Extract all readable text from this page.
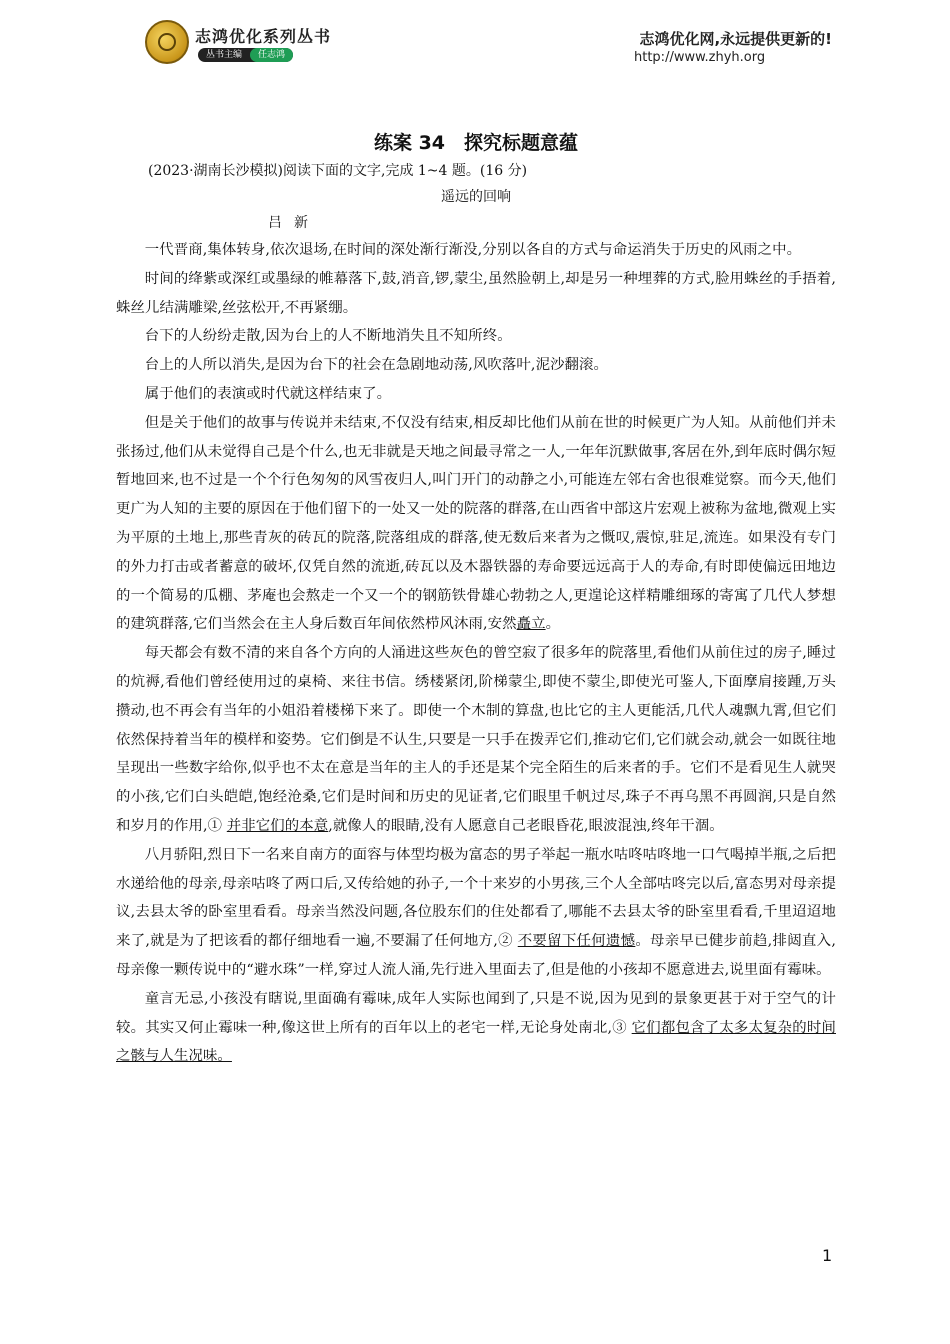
志鸿优化系列丛书
丛书主编	任志鸿
志鸿优化网,永远提供更新的!
http://www.zhyh.org
练案 34　探究标题意蕴

(2023·湖南长沙模拟)阅读下面的文字,完成 1~4 题。(16 分)

遥远的回响

吕新

一代晋商,集体转身,依次退场,在时间的深处渐行渐没,分别以各自的方式与命运消失于历史的风雨之中。

时间的绛紫或深红或墨绿的帷幕落下,鼓,消音,锣,蒙尘,虽然脸朝上,却是另一种埋葬的方式,脸用蛛丝的手捂着,蛛丝儿结满雕梁,丝弦松开,不再紧绷。

台下的人纷纷走散,因为台上的人不断地消失且不知所终。

台上的人所以消失,是因为台下的社会在急剧地动荡,风吹落叶,泥沙翻滚。

属于他们的表演或时代就这样结束了。

但是关于他们的故事与传说并未结束,不仅没有结束,相反却比他们从前在世的时候更广为人知。从前他们并未张扬过,他们从未觉得自己是个什么,也无非就是天地之间最寻常之一人,一年年沉默做事,客居在外,到年底时偶尔短暂地回来,也不过是一个个行色匆匆的风雪夜归人,叫门开门的动静之小,可能连左邻右舍也很难觉察。而今天,他们更广为人知的主要的原因在于他们留下的一处又一处的院落的群落,在山西省中部这片宏观上被称为盆地,微观上实为平原的土地上,那些青灰的砖瓦的院落,院落组成的群落,使无数后来者为之慨叹,震惊,驻足,流连。如果没有专门的外力打击或者蓄意的破坏,仅凭自然的流逝,砖瓦以及木器铁器的寿命要远远高于人的寿命,有时即使偏远田地边的一个简易的瓜棚、茅庵也会熬走一个又一个的钢筋铁骨雄心勃勃之人,更遑论这样精雕细琢的寄寓了几代人梦想的建筑群落,它们当然会在主人身后数百年间依然栉风沐雨,安然矗立。

每天都会有数不清的来自各个方向的人涌进这些灰色的曾空寂了很多年的院落里,看他们从前住过的房子,睡过的炕褥,看他们曾经使用过的桌椅、来往书信。绣楼紧闭,阶梯蒙尘,即使不蒙尘,即使光可鉴人,下面摩肩接踵,万头攒动,也不再会有当年的小姐沿着楼梯下来了。即使一个木制的算盘,也比它的主人更能活,几代人魂飘九霄,但它们依然保持着当年的模样和姿势。它们倒是不认生,只要是一只手在拨弄它们,推动它们,它们就会动,就会一如既往地呈现出一些数字给你,似乎也不太在意是当年的主人的手还是某个完全陌生的后来者的手。它们不是看见生人就哭的小孩,它们白头皑皑,饱经沧桑,它们是时间和历史的见证者,它们眼里千帆过尽,珠子不再乌黑不再圆润,只是自然和岁月的作用,① 并非它们的本意,就像人的眼睛,没有人愿意自己老眼昏花,眼波混浊,终年干涸。

八月骄阳,烈日下一名来自南方的面容与体型均极为富态的男子举起一瓶水咕咚咕咚地一口气喝掉半瓶,之后把水递给他的母亲,母亲咕咚了两口后,又传给她的孙子,一个十来岁的小男孩,三个人全部咕咚完以后,富态男对母亲提议,去县太爷的卧室里看看。母亲当然没问题,各位股东们的住处都看了,哪能不去县太爷的卧室里看看,千里迢迢地来了,就是为了把该看的都仔细地看一遍,不要漏了任何地方,② 不要留下任何遗憾。母亲早已健步前趋,排闼直入,母亲像一颗传说中的“避水珠”一样,穿过人流人涌,先行进入里面去了,但是他的小孩却不愿意进去,说里面有霉味。

童言无忌,小孩没有瞎说,里面确有霉味,成年人实际也闻到了,只是不说,因为见到的景象更甚于对于空气的计较。其实又何止霉味一种,像这世上所有的百年以上的老宅一样,无论身处南北,③ 它们都包含了太多太复杂的时间之骸与人生况味。

1
